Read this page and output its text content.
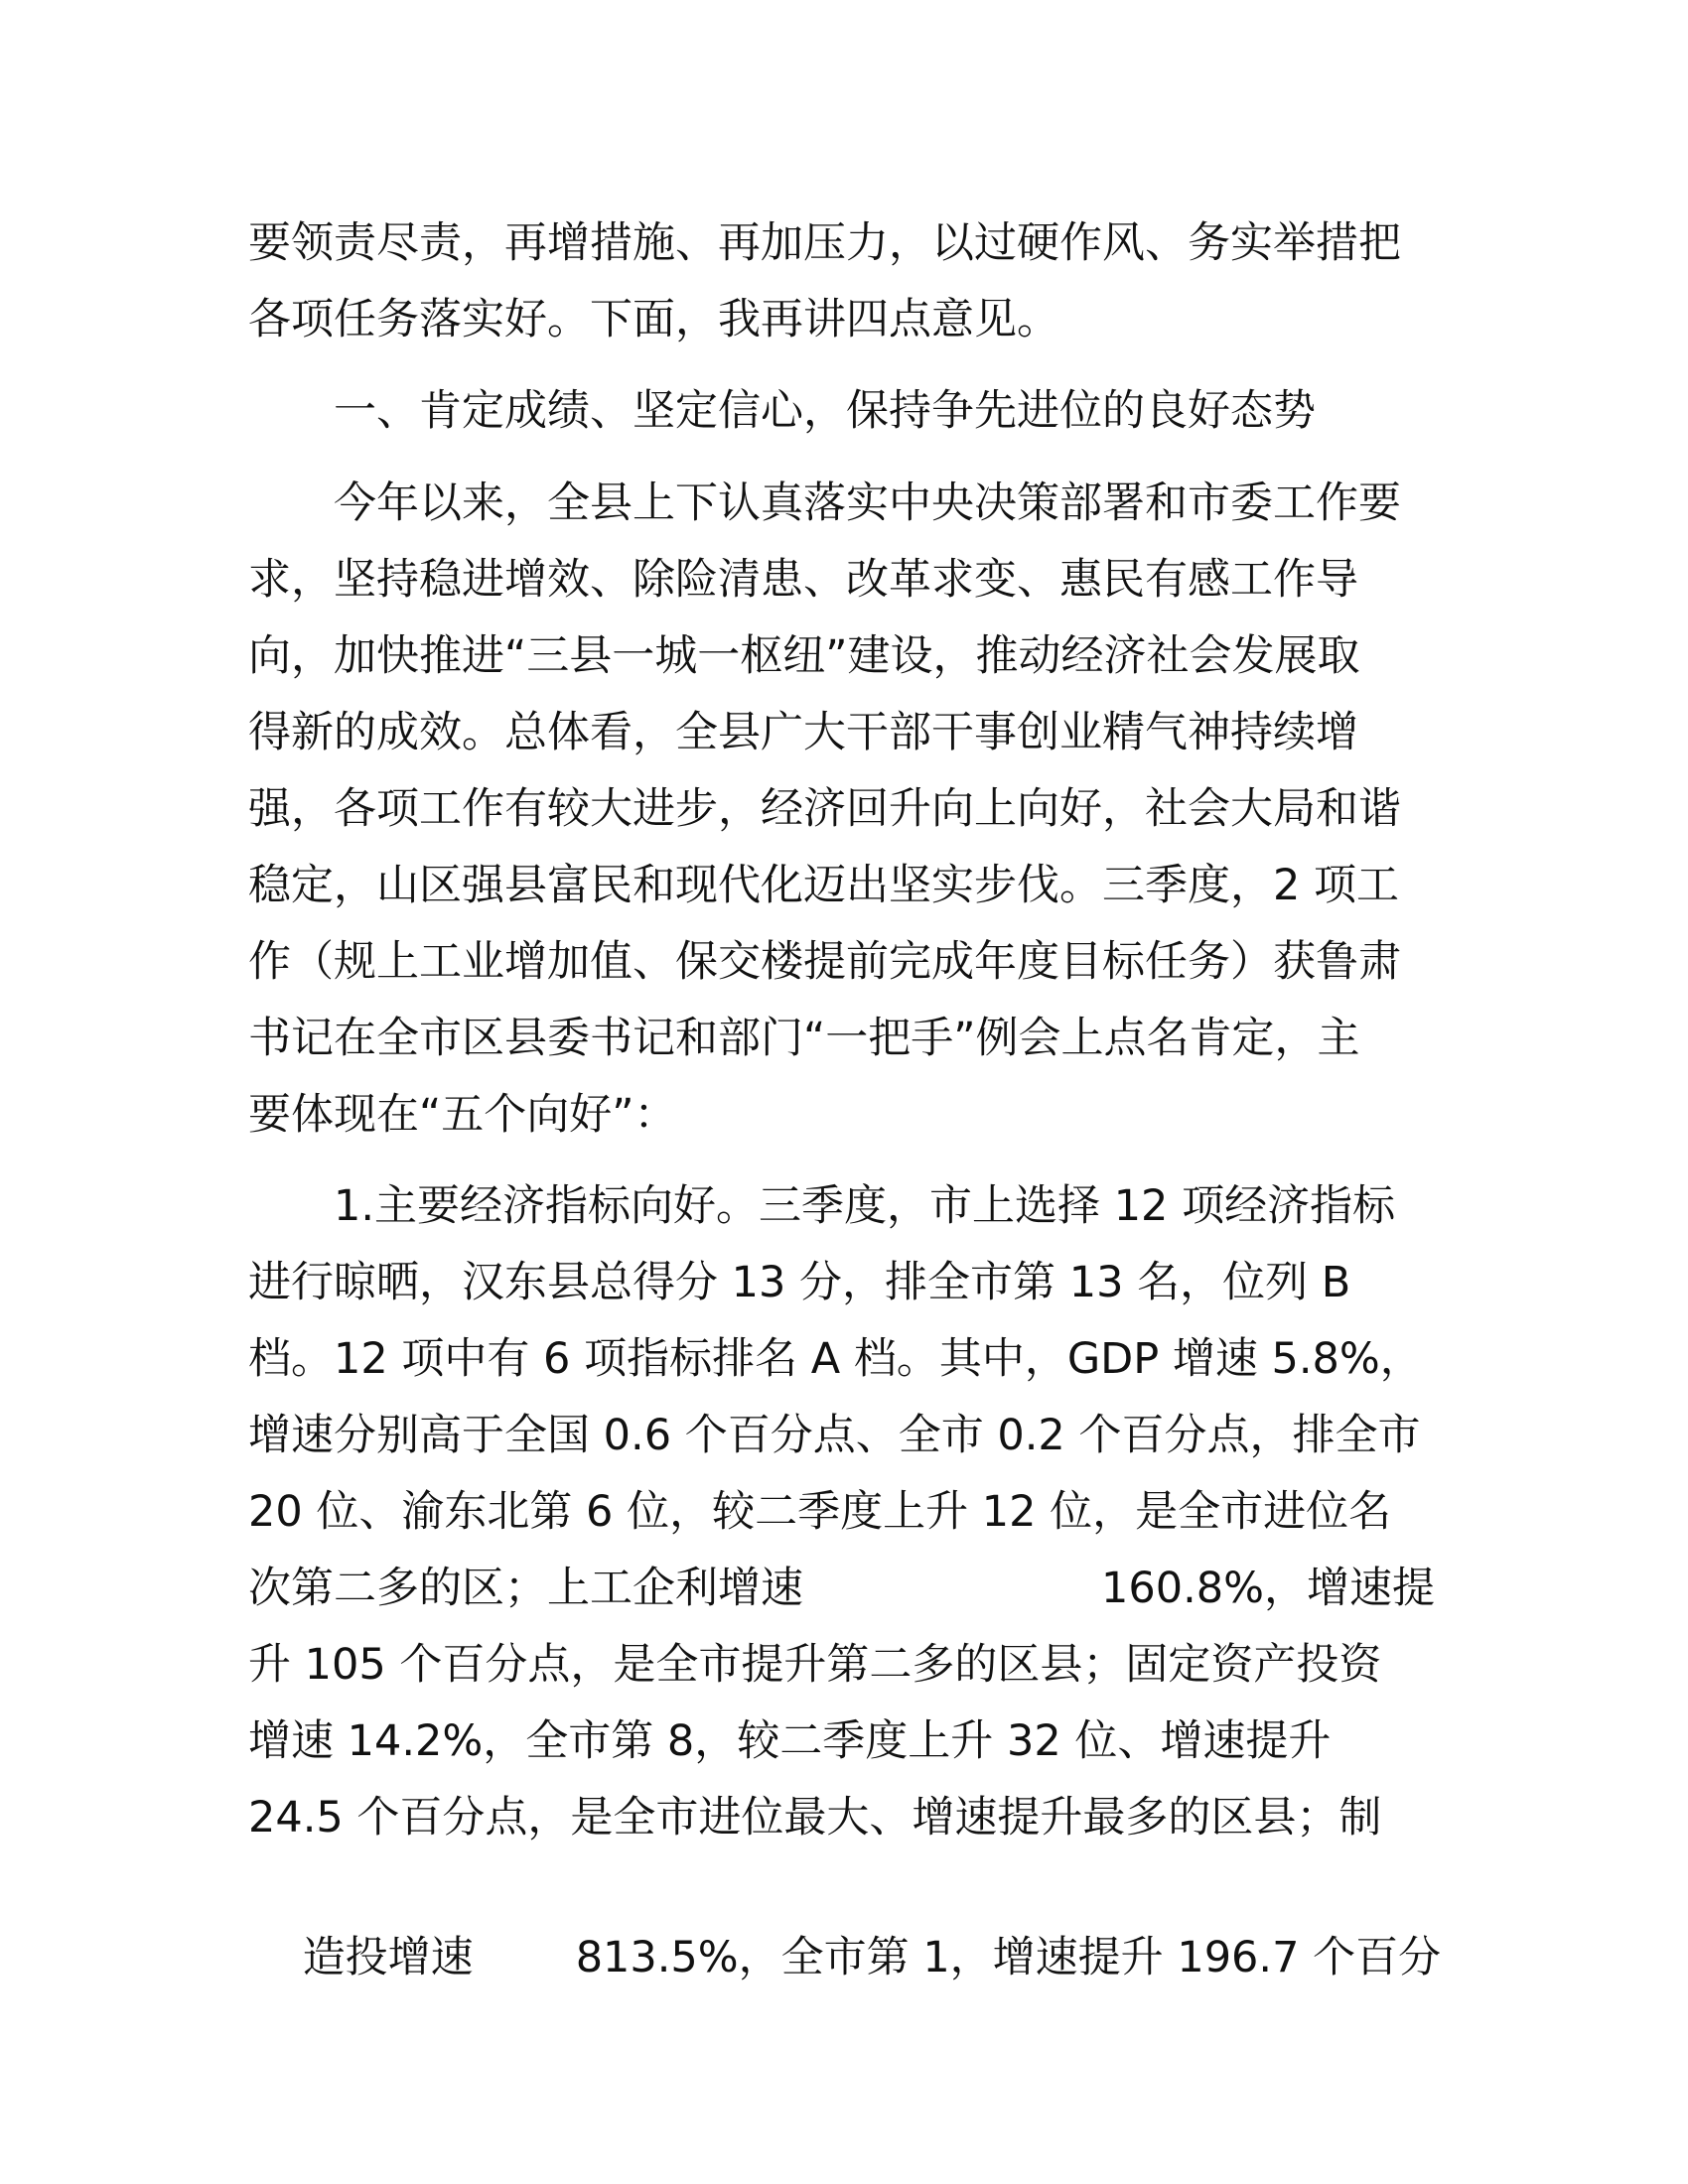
要领责尽责，再增措施、再加压力，以过硬作风、务实举措把
各项任务落实好。下面，我再讲四点意见。
一、肯定成绩、坚定信心，保持争先进位的良好态势
今年以来，全县上下认真落实中央决策部署和市委工作要
求，坚持稳进增效、除险清患、改革求变、惠民有感工作导
向，加快推进“三县一城一枢纽”建设，推动经济社会发展取
得新的成效。总体看，全县广大干部干事创业精气神持续增
强，各项工作有较大进步，经济回升向上向好，社会大局和谐
稳定，山区强县富民和现代化迈出坚实步伐。三季度，2 项工
作（规上工业增加值、保交楼提前完成年度目标任务）获鲁肃
书记在全市区县委书记和部门“一把手”例会上点名肯定，主
要体现在“五个向好”：
1.主要经济指标向好。三季度，市上选择 12 项经济指标
进行晾晒，汉东县总得分 13 分，排全市第 13 名，位列 B
档。12 项中有 6 项指标排名 A 档。其中，GDP 增速 5.8%，
增速分别高于全国 0.6 个百分点、全市 0.2 个百分点，排全市
20 位、渝东北第 6 位，较二季度上升 12 位，是全市进位名
次第二多的区；上工企利增速	160.8%，增速提
升 105 个百分点，是全市提升第二多的区县；固定资产投资
增速 14.2%，全市第 8，较二季度上升 32 位、增速提升
24.5 个百分点，是全市进位最大、增速提升最多的区县；制

造投增速 813.5%，全市第 1，增速提升 196.7 个百分
